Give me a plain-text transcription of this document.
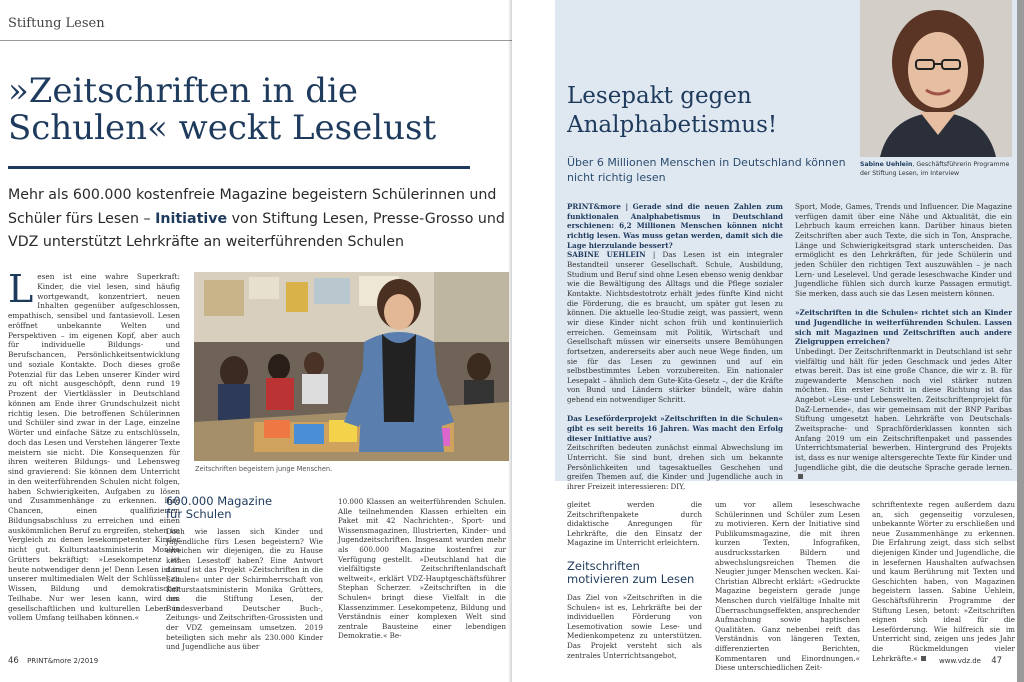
Stiftung Lesen
»Zeitschriften in die
Schulen« weckt Leselust
Mehr als 600.000 kostenfreie Magazine begeistern Schülerinnen und Schüler fürs Lesen – Initiative von Stiftung Lesen, Presse-Grosso und VDZ unterstützt Lehrkräfte an weiterführenden Schulen
Lesen ist eine wahre Superkraft: Kinder, die viel lesen, sind häufig wortgewandt, konzentriert, neuen Inhalten gegenüber aufgeschlossen, empathisch, sensibel und fantasievoll. Lesen eröffnet unbekannte Welten und Perspektiven – im eigenen Kopf, aber auch für individuelle Bildungs- und Berufschancen, Persönlichkeitsentwicklung und soziale Kontakte. Doch dieses große Potenzial für das Leben unserer Kinder wird zu oft nicht ausgeschöpft, denn rund 19 Prozent der Viertklässler in Deutschland können am Ende ihrer Grundschulzeit nicht richtig lesen. Die betroffenen Schülerinnen und Schüler sind zwar in der Lage, einzelne Wörter und einfache Sätze zu entschlüsseln, doch das Lesen und Verstehen längerer Texte meistern sie nicht. Die Konsequenzen für ihren weiteren Bildungs- und Lebensweg sind gravierend: Sie können dem Unterricht in den weiterführenden Schulen nicht folgen, haben Schwierigkeiten, Aufgaben zu lösen und Zusammenhänge zu erkennen. Ihre Chancen, einen qualifizierten Bildungsabschluss zu erreichen und einen auskömmlichen Beruf zu ergreifen, stehen im Vergleich zu denen lesekompetenter Kinder nicht gut. Kulturstaatsministerin Monika Grütters bekräftigt: »Lesekompetenz ist heute notwendiger denn je! Denn Lesen ist in unserer multimedialen Welt der Schlüssel zu Wissen, Bildung und demokratischer Teilhabe. Nur wer lesen kann, wird am gesellschaftlichen und kulturellen Leben in vollem Umfang teilhaben können.«
Zeitschriften begeistern junge Menschen.
600.000 Magazine
für Schulen
Doch wie lassen sich Kinder und Jugendliche fürs Lesen begeistern? Wie erreichen wir diejenigen, die zu Hause keinen Lesestoff haben? Eine Antwort darauf ist das Projekt »Zeitschriften in die Schulen« unter der Schirmherrschaft von Kulturstaatsministerin Monika Grütters, das die Stiftung Lesen, der Bundesverband Deutscher Buch-, Zeitungs- und Zeitschriften-Grossisten und der VDZ gemeinsam umsetzen. 2019 beteiligten sich mehr als 230.000 Kinder und Jugendliche aus über
10.000 Klassen an weiterführenden Schulen. Alle teilnehmenden Klassen erhielten ein Paket mit 42 Nachrichten-, Sport- und Wissensmagazinen, Illustrierten, Kinder- und Jugendzeitschriften. Insgesamt wurden mehr als 600.000 Magazine kostenfrei zur Verfügung gestellt. »Deutschland hat die vielfältigste Zeitschriftenlandschaft weltweit«, erklärt VDZ-Hauptgeschäftsführer Stephan Scherzer. »Zeitschriften in die Schulen« bringt diese Vielfalt in die Klassenzimmer. Lesekompetenz, Bildung und Verständnis einer komplexen Welt sind zentrale Bausteine einer lebendigen Demokratie.« Be-
46 PRINT&more 2/2019
Lesepakt gegen
Analphabetismus!
Über 6 Millionen Menschen in Deutschland können nicht richtig lesen
Sabine Uehlein, Geschäftsführerin Programme der Stiftung Lesen, im Interview
PRINT&more | Gerade sind die neuen Zahlen zum funktionalen Analphabetismus in Deutschland erschienen: 6,2 Millionen Menschen können nicht richtig lesen. Was muss getan werden, damit sich die Lage hierzulande bessert?
SABINE UEHLEIN | Das Lesen ist ein integraler Bestandteil unserer Gesellschaft. Schule, Ausbildung, Studium und Beruf sind ohne Lesen ebenso wenig denkbar wie die Bewältigung des Alltags und die Pflege sozialer Kontakte. Nichtsdestotrotz erhält jedes fünfte Kind nicht die Förderung, die es braucht, um später gut lesen zu können. Die aktuelle leo-Studie zeigt, was passiert, wenn wir diese Kinder nicht schon früh und kontinuierlich erreichen. Gemeinsam mit Politik, Wirtschaft und Gesellschaft müssen wir einerseits unsere Bemühungen fortsetzen, andererseits aber auch neue Wege finden, um sie für das Lesen zu gewinnen und auf ein selbstbestimmtes Leben vorzubereiten. Ein nationaler Lesepakt – ähnlich dem Gute-Kita-Gesetz –, der die Kräfte von Bund und Ländern stärker bündelt, wäre dahin gehend ein notwendiger Schritt.

Das Leseförderprojekt »Zeitschriften in die Schulen« gibt es seit bereits 16 Jahren. Was macht den Erfolg dieser Initiative aus?
Zeitschriften bedeuten zunächst einmal Abwechslung im Unterricht. Sie sind bunt, drehen sich um bekannte Persönlichkeiten und tagesaktuelles Geschehen und greifen Themen auf, die Kinder und Jugendliche auch in ihrer Freizeit interessieren: DIY,
Sport, Mode, Games, Trends und Influencer. Die Magazine verfügen damit über eine Nähe und Aktualität, die ein Lehrbuch kaum erreichen kann. Darüber hinaus bieten Zeitschriften aber auch Texte, die sich in Ton, Ansprache, Länge und Schwierigkeitsgrad stark unterscheiden. Das ermöglicht es den Lehrkräften, für jede Schülerin und jeden Schüler den richtigen Text auszuwählen – je nach Lern- und Leselevel. Und gerade leseschwache Kinder und Jugendliche fühlen sich durch kurze Passagen ermutigt. Sie merken, dass auch sie das Lesen meistern können.

»Zeitschriften in die Schulen« richtet sich an Kinder und Jugendliche in weiterführenden Schulen. Lassen sich mit Magazinen und Zeitschriften auch andere Zielgruppen erreichen?
Unbedingt. Der Zeitschriftenmarkt in Deutschland ist sehr vielfältig und hält für jeden Geschmack und jedes Alter etwas bereit. Das ist eine große Chance, die wir z. B. für zugewanderte Menschen noch viel stärker nutzen möchten. Ein erster Schritt in diese Richtung ist das Angebot »Lese- und Lebenswelten. Zeitschriftenprojekt für DaZ-Lernende«, das wir gemeinsam mit der BNP Paribas Stiftung umgesetzt haben. Lehrkräfte von Deutschals-Zweitsprache- und Sprachförderklassen konnten sich Anfang 2019 um ein Zeitschriftenpaket und passendes Unterrichtsmaterial bewerben. Hintergrund des Projekts ist, dass es nur wenige altersgerechte Texte für Kinder und Jugendliche gibt, die die deutsche Sprache gerade lernen.
gleitet werden die Zeitschriftenpakete durch didaktische Anregungen für Lehrkräfte, die den Einsatz der Magazine im Unterricht erleichtern.
Zeitschriften
motivieren zum Lesen
Das Ziel von »Zeitschriften in die Schulen« ist es, Lehrkräfte bei der individuellen Förderung von Lesemotivation sowie Lese- und Medienkompetenz zu unterstützen. Das Projekt versteht sich als zentrales Unterrichtsangebot,
um vor allem leseschwache Schülerinnen und Schüler zum Lesen zu motivieren. Kern der Initiative sind Publikumsmagazine, die mit ihren kurzen Texten, Infografiken, ausdrucksstarken Bildern und abwechslungsreichen Themen die Neugier junger Menschen wecken. Kai-Christian Albrecht erklärt: »Gedruckte Magazine begeistern gerade junge Menschen durch vielfältige Inhalte mit Überraschungseffekten, ansprechender Aufmachung sowie haptischen Qualitäten. Ganz nebenbei reift das Verständnis von längeren Texten, differenzierten Berichten, Kommentaren und Einordnungen.« Diese unterschiedlichen Zeit-
schriftentexte regen außerdem dazu an, sich gegenseitig vorzulesen, unbekannte Wörter zu erschließen und neue Zusammenhänge zu erkennen. Die Erfahrung zeigt, dass sich selbst diejenigen Kinder und Jugendliche, die in lesefernen Haushalten aufwachsen und kaum Berührung mit Texten und Geschichten haben, von Magazinen begeistern lassen. Sabine Uehlein, Geschäftsführerin Programme der Stiftung Lesen, betont: »Zeitschriften eignen sich ideal für die Leseförderung. Wie hilfreich sie im Unterricht sind, zeigen uns jedes Jahr die Rückmeldungen vieler Lehrkräfte.«	www.vdz.de 47
